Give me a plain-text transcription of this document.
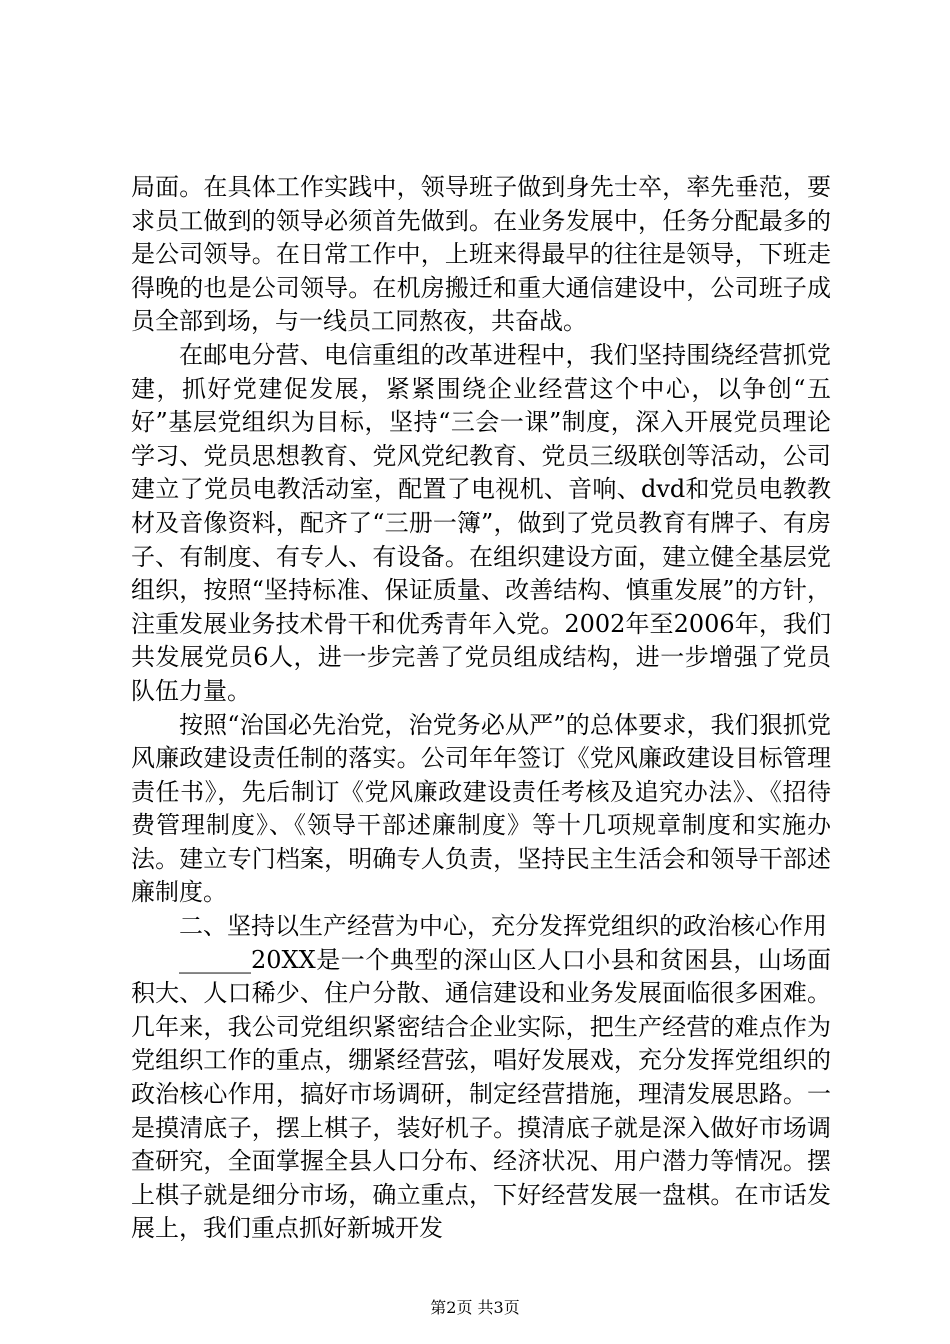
局面。在具体工作实践中，领导班子做到身先士卒，率先垂范，要求员工做到的领导必须首先做到。在业务发展中，任务分配最多的是公司领导。在日常工作中，上班来得最早的往往是领导，下班走得晚的也是公司领导。在机房搬迁和重大通信建设中，公司班子成员全部到场，与一线员工同熬夜，共奋战。

在邮电分营、电信重组的改革进程中，我们坚持围绕经营抓党建，抓好党建促发展，紧紧围绕企业经营这个中心，以争创“五好”基层党组织为目标，坚持“三会一课”制度，深入开展党员理论学习、党员思想教育、党风党纪教育、党员三级联创等活动，公司建立了党员电教活动室，配置了电视机、音响、dvd和党员电教教材及音像资料，配齐了“三册一簿”，做到了党员教育有牌子、有房子、有制度、有专人、有设备。在组织建设方面，建立健全基层党组织，按照“坚持标准、保证质量、改善结构、慎重发展”的方针，注重发展业务技术骨干和优秀青年入党。2002年至2006年，我们共发展党员6人，进一步完善了党员组成结构，进一步增强了党员队伍力量。

按照“治国必先治党，治党务必从严”的总体要求，我们狠抓党风廉政建设责任制的落实。公司年年签订《党风廉政建设目标管理责任书》，先后制订《党风廉政建设责任考核及追究办法》、《招待费管理制度》、《领导干部述廉制度》等十几项规章制度和实施办法。建立专门档案，明确专人负责，坚持民主生活会和领导干部述廉制度。

二、坚持以生产经营为中心，充分发挥党组织的政治核心作用

______20XX是一个典型的深山区人口小县和贫困县，山场面积大、人口稀少、住户分散、通信建设和业务发展面临很多困难。几年来，我公司党组织紧密结合企业实际，把生产经营的难点作为党组织工作的重点，绷紧经营弦，唱好发展戏，充分发挥党组织的政治核心作用，搞好市场调研，制定经营措施，理清发展思路。一是摸清底子，摆上棋子，装好机子。摸清底子就是深入做好市场调查研究，全面掌握全县人口分布、经济状况、用户潜力等情况。摆上棋子就是细分市场，确立重点，下好经营发展一盘棋。在市话发展上，我们重点抓好新城开发

第2页 共3页
